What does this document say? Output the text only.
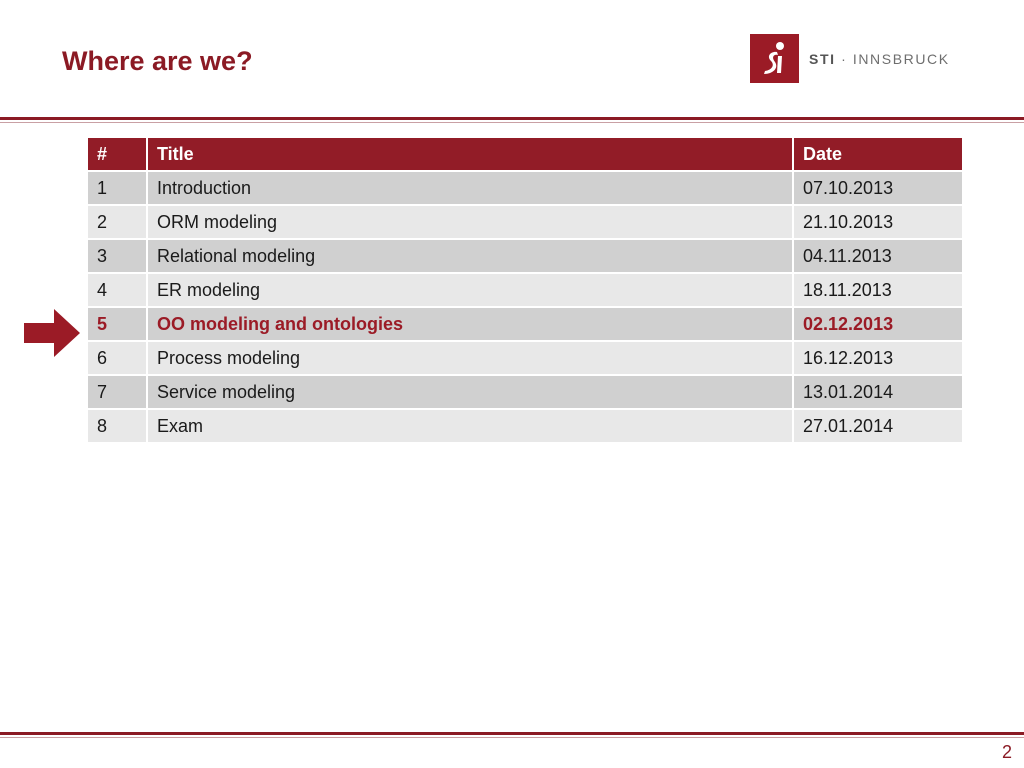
Where are we?	STI · INNSBRUCK
#	Title	Date
1	Introduction	07.10.2013
2	ORM modeling	21.10.2013
3	Relational modeling	04.11.2013
4	ER modeling	18.11.2013
5	OO modeling and ontologies	02.12.2013
6	Process modeling	16.12.2013
7	Service modeling	13.01.2014
8	Exam	27.01.2014
2
